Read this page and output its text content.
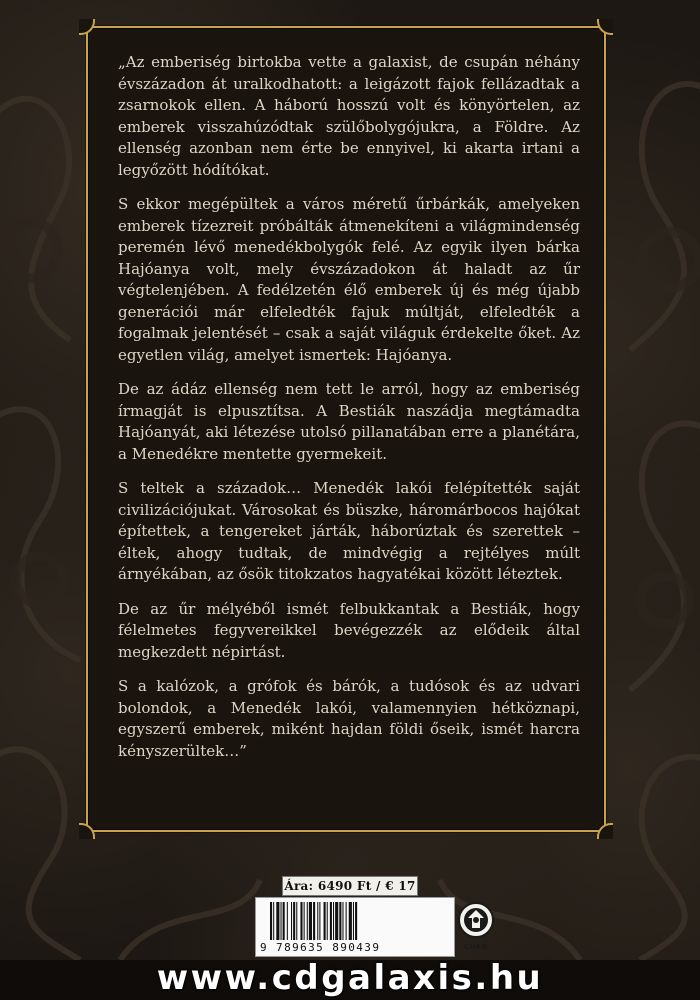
„Az emberiség birtokba vette a galaxist, de csupán néhány évszázadon át uralkodhatott: a leigázott fajok fellázadtak a zsarnokok ellen. A háború hosszú volt és könyörtelen, az emberek visszahúzódtak szülőbolygójukra, a Földre. Az ellenség azonban nem érte be ennyivel, ki akarta irtani a legyőzött hódítókat.

S ekkor megépültek a város méretű űrbárkák, amelyeken emberek tízezreit próbálták átmenekíteni a világmindenség peremén lévő menedékbolygók felé. Az egyik ilyen bárka Hajóanya volt, mely évszázadokon át haladt az űr végtelenjében. A fedélzetén élő emberek új és még újabb generációi már elfeledték fajuk múltját, elfeledték a fogalmak jelentését – csak a saját világuk érdekelte őket. Az egyetlen világ, amelyet ismertek: Hajóanya.

De az ádáz ellenség nem tett le arról, hogy az emberiség írmagját is elpusztítsa. A Bestiák naszádja megtámadta Hajóanyát, aki létezése utolsó pillanatában erre a planétára, a Menedékre mentette gyermekeit.

S teltek a századok… Menedék lakói felépítették saját civilizációjukat. Városokat és büszke, háromárbocos hajókat építettek, a tengereket járták, háborúztak és szerettek – éltek, ahogy tudtak, de mindvégig a rejtélyes múlt árnyékában, az ősök titokzatos hagyatékai között léteztek.

De az űr mélyéből ismét felbukkantak a Bestiák, hogy félelmetes fegyvereikkel bevégezzék az elődeik által megkezdett népirtást.

S a kalózok, a grófok és bárók, a tudósok és az udvari bolondok, a Menedék lakói, valamennyien hétköznapi, egyszerű emberek, miként hajdan földi őseik, ismét harcra kényszerültek…”

Ára: 6490 Ft / € 17
9 789635 890439	CUAN
www.cdgalaxis.hu
